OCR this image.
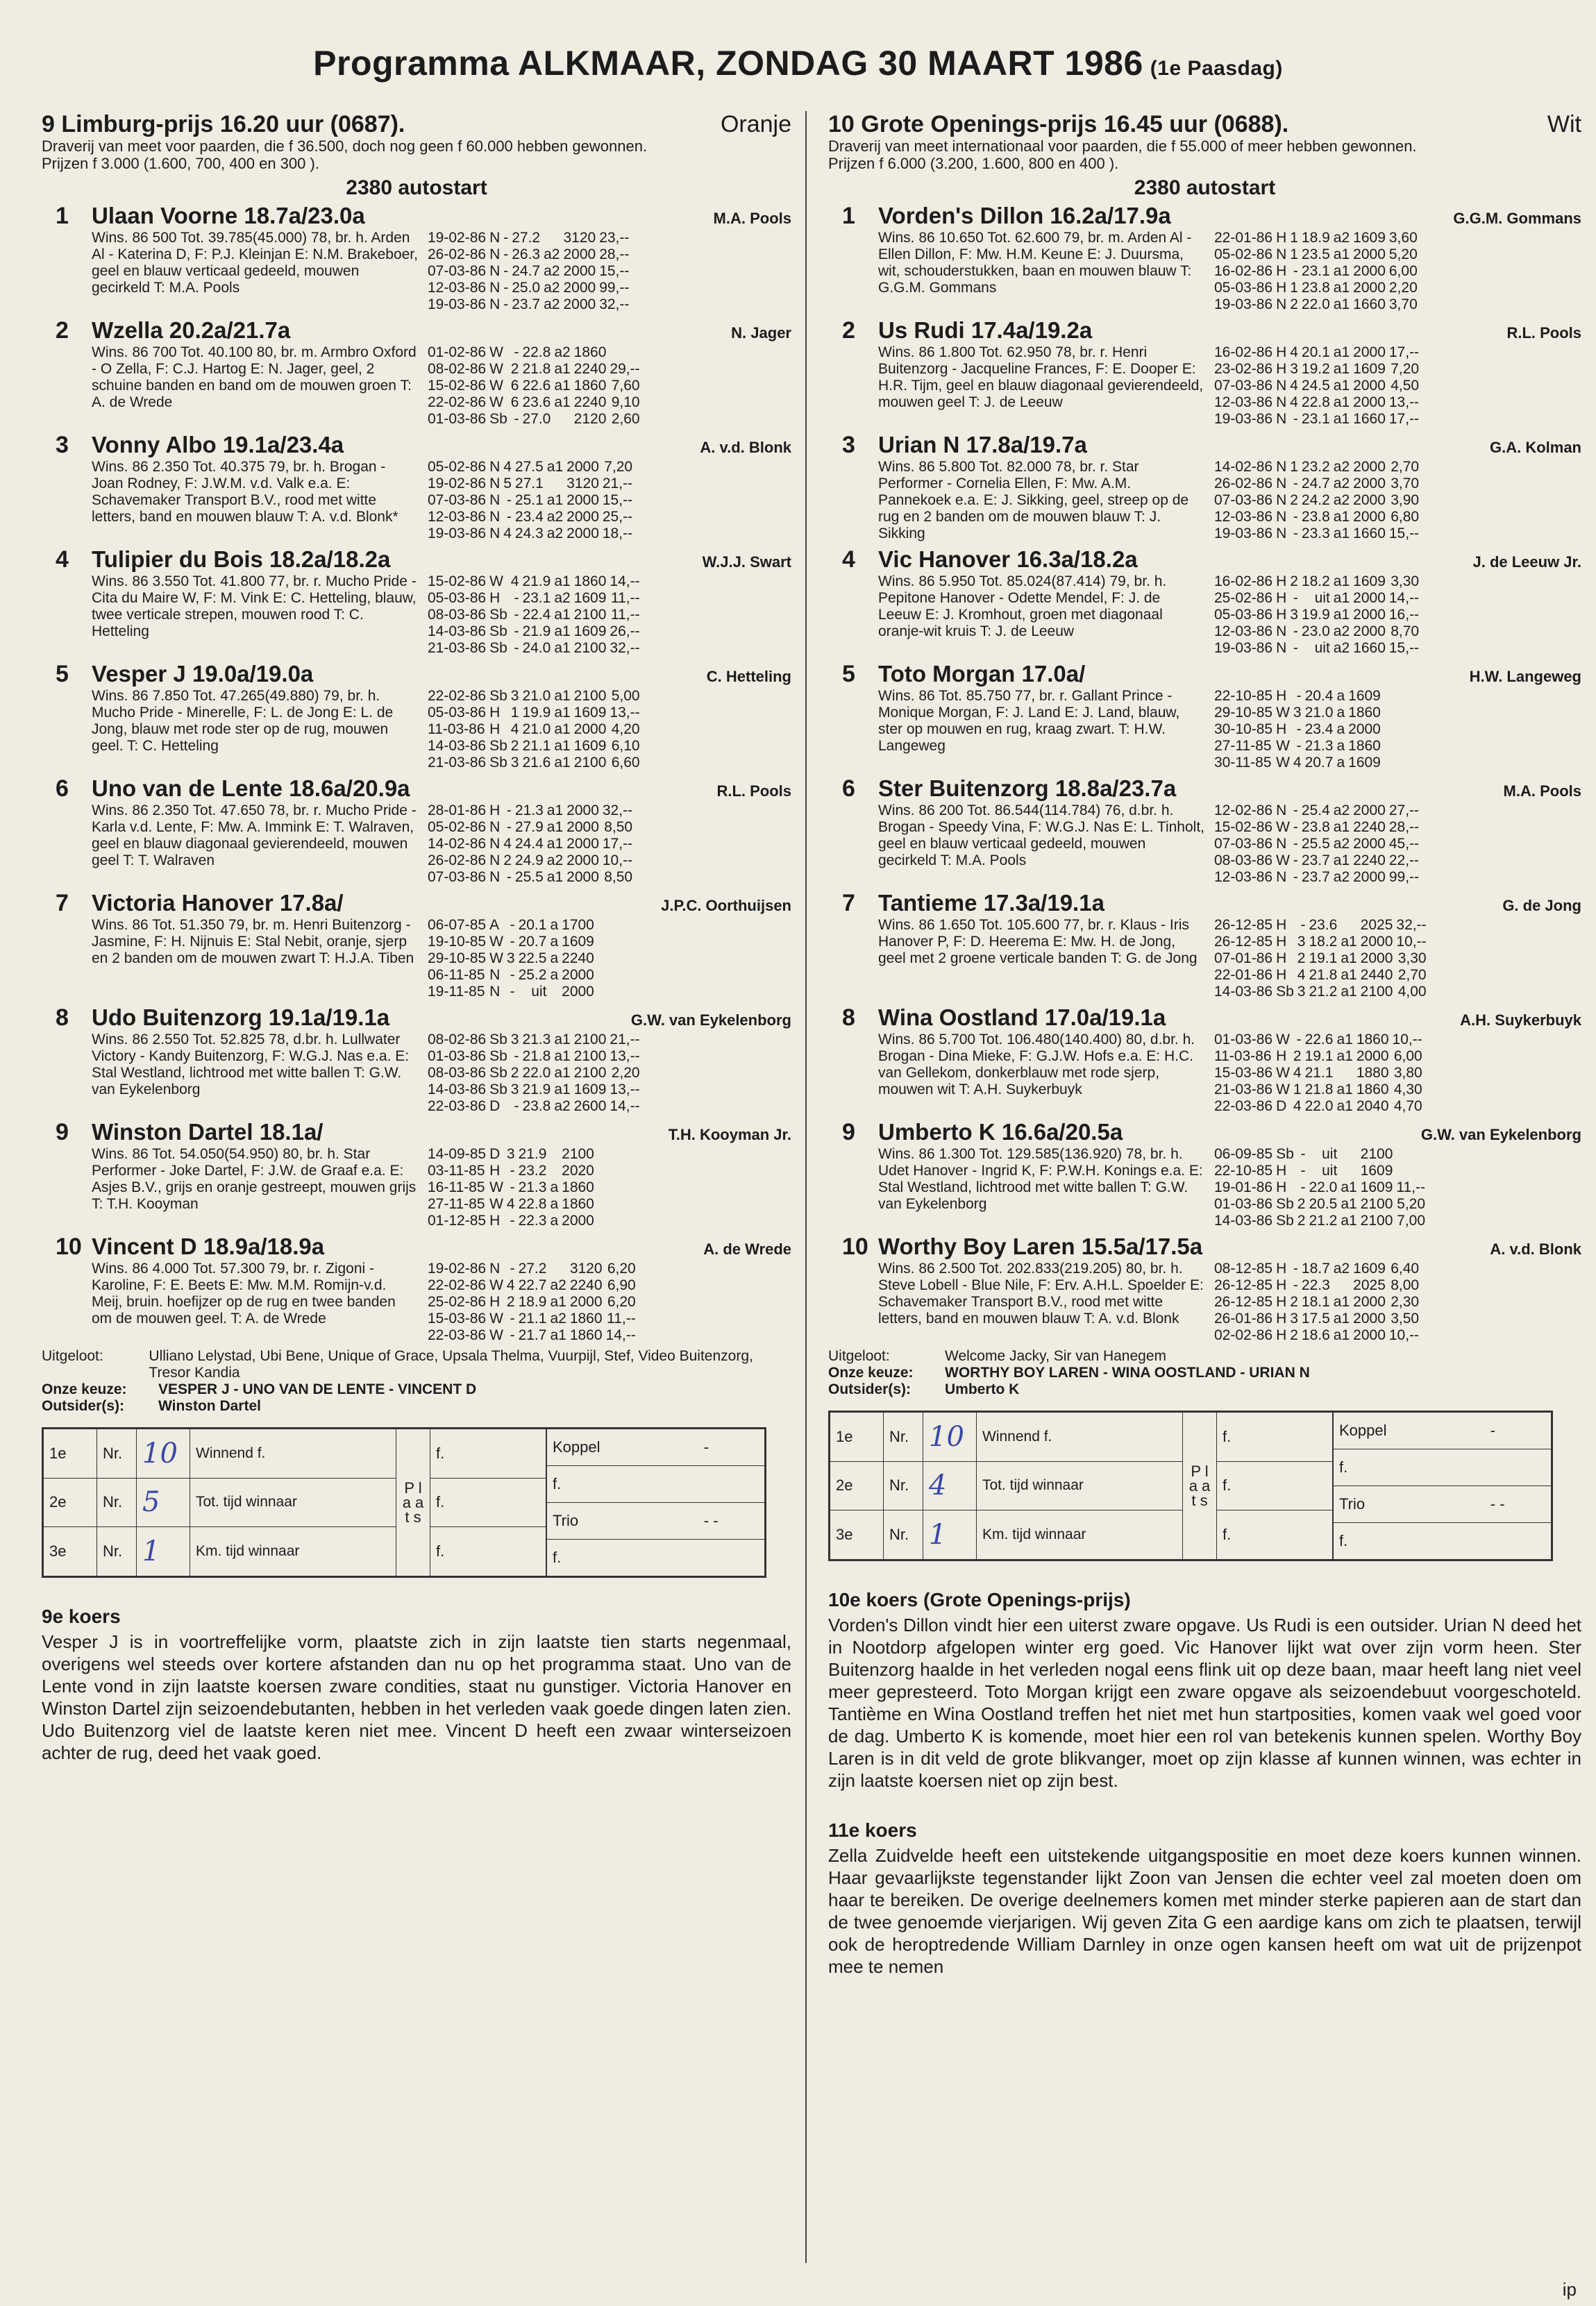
Programma ALKMAAR, ZONDAG 30 MAART 1986 (1e Paasdag)
9 Limburg-prijs 16.20 uur (0687).	Oranje
Draverij van meet voor paarden, die f 36.500, doch nog geen f 60.000 hebben gewonnen.
Prijzen f 3.000 (1.600, 700, 400 en 300 ).
2380 autostart
1	Ulaan Voorne 18.7a/23.0a	M.A. Pools
Wins. 86 500 Tot. 39.785(45.000) 78, br. h. Arden Al - Katerina D, F: P.J. Kleinjan E: N.M. Brakeboer, geel en blauw verticaal gedeeld, mouwen gecirkeld T: M.A. Pools
19-02-86	N	-	27.2		3120	23,--
26-02-86	N	-	26.3	a2	2000	28,--
07-03-86	N	-	24.7	a2	2000	15,--
12-03-86	N	-	25.0	a2	2000	99,--
19-03-86	N	-	23.7	a2	2000	32,--
2	Wzella 20.2a/21.7a	N. Jager
Wins. 86 700 Tot. 40.100 80, br. m. Armbro Oxford - O Zella, F: C.J. Hartog E: N. Jager, geel, 2 schuine banden en band om de mouwen groen T: A. de Wrede
01-02-86	W	-	22.8	a2	1860	
08-02-86	W	2	21.8	a1	2240	29,--
15-02-86	W	6	22.6	a1	1860	7,60
22-02-86	W	6	23.6	a1	2240	9,10
01-03-86	Sb	-	27.0		2120	2,60
3	Vonny Albo 19.1a/23.4a	A. v.d. Blonk
Wins. 86 2.350 Tot. 40.375 79, br. h. Brogan - Joan Rodney, F: J.W.M. v.d. Valk e.a. E: Schavemaker Transport B.V., rood met witte letters, band en mouwen blauw T: A. v.d. Blonk*
05-02-86	N	4	27.5	a1	2000	7,20
19-02-86	N	5	27.1		3120	21,--
07-03-86	N	-	25.1	a1	2000	15,--
12-03-86	N	-	23.4	a2	2000	25,--
19-03-86	N	4	24.3	a2	2000	18,--
4	Tulipier du Bois 18.2a/18.2a	W.J.J. Swart
Wins. 86 3.550 Tot. 41.800 77, br. r. Mucho Pride - Cita du Maire W, F: M. Vink E: C. Hetteling, blauw, twee verticale strepen, mouwen rood T: C. Hetteling
15-02-86	W	4	21.9	a1	1860	14,--
05-03-86	H	-	23.1	a2	1609	11,--
08-03-86	Sb	-	22.4	a1	2100	11,--
14-03-86	Sb	-	21.9	a1	1609	26,--
21-03-86	Sb	-	24.0	a1	2100	32,--
5	Vesper J 19.0a/19.0a	C. Hetteling
Wins. 86 7.850 Tot. 47.265(49.880) 79, br. h. Mucho Pride - Minerelle, F: L. de Jong E: L. de Jong, blauw met rode ster op de rug, mouwen geel. T: C. Hetteling
22-02-86	Sb	3	21.0	a1	2100	5,00
05-03-86	H	1	19.9	a1	1609	13,--
11-03-86	H	4	21.0	a1	2000	4,20
14-03-86	Sb	2	21.1	a1	1609	6,10
21-03-86	Sb	3	21.6	a1	2100	6,60
6	Uno van de Lente 18.6a/20.9a	R.L. Pools
Wins. 86 2.350 Tot. 47.650 78, br. r. Mucho Pride - Karla v.d. Lente, F: Mw. A. Immink E: T. Walraven, geel en blauw diagonaal gevierendeeld, mouwen geel T: T. Walraven
28-01-86	H	-	21.3	a1	2000	32,--
05-02-86	N	-	27.9	a1	2000	8,50
14-02-86	N	4	24.4	a1	2000	17,--
26-02-86	N	2	24.9	a2	2000	10,--
07-03-86	N	-	25.5	a1	2000	8,50
7	Victoria Hanover 17.8a/	J.P.C. Oorthuijsen
Wins. 86 Tot. 51.350 79, br. m. Henri Buitenzorg - Jasmine, F: H. Nijnuis E: Stal Nebit, oranje, sjerp en 2 banden om de mouwen zwart T: H.J.A. Tiben
06-07-85	A	-	20.1	a	1700	
19-10-85	W	-	20.7	a	1609	
29-10-85	W	3	22.5	a	2240	
06-11-85	N	-	25.2	a	2000	
19-11-85	N	-	uit		2000	
8	Udo Buitenzorg 19.1a/19.1a	G.W. van Eykelenborg
Wins. 86 2.550 Tot. 52.825 78, d.br. h. Lullwater Victory - Kandy Buitenzorg, F: W.G.J. Nas e.a. E: Stal Westland, lichtrood met witte ballen T: G.W. van Eykelenborg
08-02-86	Sb	3	21.3	a1	2100	21,--
01-03-86	Sb	-	21.8	a1	2100	13,--
08-03-86	Sb	2	22.0	a1	2100	2,20
14-03-86	Sb	3	21.9	a1	1609	13,--
22-03-86	D	-	23.8	a2	2600	14,--
9	Winston Dartel 18.1a/	T.H. Kooyman Jr.
Wins. 86 Tot. 54.050(54.950) 80, br. h. Star Performer - Joke Dartel, F: J.W. de Graaf e.a. E: Asjes B.V., grijs en oranje gestreept, mouwen grijs T: T.H. Kooyman
14-09-85	D	3	21.9		2100	
03-11-85	H	-	23.2		2020	
16-11-85	W	-	21.3	a	1860	
27-11-85	W	4	22.8	a	1860	
01-12-85	H	-	22.3	a	2000	
10 Vincent D 18.9a/18.9a	A. de Wrede
Wins. 86 4.000 Tot. 57.300 79, br. r. Zigoni - Karoline, F: E. Beets E: Mw. M.M. Romijn-v.d. Meij, bruin. hoefijzer op de rug en twee banden om de mouwen geel. T: A. de Wrede
19-02-86	N	-	27.2		3120	6,20
22-02-86	W	4	22.7	a2	2240	6,90
25-02-86	H	2	18.9	a1	2000	6,20
15-03-86	W	-	21.1	a2	1860	11,--
22-03-86	W	-	21.7	a1	1860	14,--
Uitgeloot:	Ulliano Lelystad, Ubi Bene, Unique of Grace, Upsala Thelma, Vuurpijl, Stef, Video Buitenzorg, Tresor Kandia
Onze keuze:	VESPER J - UNO VAN DE LENTE - VINCENT D
Outsider(s):	Winston Dartel
1e	Nr.	10	Winnend f.	P l a a t s	f.
2e	Nr.	5	Tot. tijd winnaar		f.
3e	Nr.	1	Km. tijd winnaar		f.
Koppel	-
f.	
Trio	- -
f.	
9e koers

Vesper J is in voortreffelijke vorm, plaatste zich in zijn laatste tien starts negenmaal, overigens wel steeds over kortere afstanden dan nu op het programma staat. Uno van de Lente vond in zijn laatste koersen zware condities, staat nu gunstiger. Victoria Hanover en Winston Dartel zijn seizoendebutanten, hebben in het verleden vaak goede dingen laten zien. Udo Buitenzorg viel de laatste keren niet mee. Vincent D heeft een zwaar winterseizoen achter de rug, deed het vaak goed.

10 Grote Openings-prijs 16.45 uur (0688).	Wit
Draverij van meet internationaal voor paarden, die f 55.000 of meer hebben gewonnen.
Prijzen f 6.000 (3.200, 1.600, 800 en 400 ).
2380 autostart
1	Vorden's Dillon 16.2a/17.9a	G.G.M. Gommans
Wins. 86 10.650 Tot. 62.600 79, br. m. Arden Al - Ellen Dillon, F: Mw. H.M. Keune E: J. Duursma, wit, schouderstukken, baan en mouwen blauw T: G.G.M. Gommans
22-01-86	H	1	18.9	a2	1609	3,60
05-02-86	N	1	23.5	a1	2000	5,20
16-02-86	H	-	23.1	a1	2000	6,00
05-03-86	H	1	23.8	a1	2000	2,20
19-03-86	N	2	22.0	a1	1660	3,70
2	Us Rudi 17.4a/19.2a	R.L. Pools
Wins. 86 1.800 Tot. 62.950 78, br. r. Henri Buitenzorg - Jacqueline Frances, F: E. Dooper E: H.R. Tijm, geel en blauw diagonaal gevierendeeld, mouwen geel T: J. de Leeuw
16-02-86	H	4	20.1	a1	2000	17,--
23-02-86	H	3	19.2	a1	1609	7,20
07-03-86	N	4	24.5	a1	2000	4,50
12-03-86	N	4	22.8	a1	2000	13,--
19-03-86	N	-	23.1	a1	1660	17,--
3	Urian N 17.8a/19.7a	G.A. Kolman
Wins. 86 5.800 Tot. 82.000 78, br. r. Star Performer - Cornelia Ellen, F: Mw. A.M. Pannekoek e.a. E: J. Sikking, geel, streep op de rug en 2 banden om de mouwen blauw T: J. Sikking
14-02-86	N	1	23.2	a2	2000	2,70
26-02-86	N	-	24.7	a2	2000	3,70
07-03-86	N	2	24.2	a2	2000	3,90
12-03-86	N	-	23.8	a1	2000	6,80
19-03-86	N	-	23.3	a1	1660	15,--
4	Vic Hanover 16.3a/18.2a	J. de Leeuw Jr.
Wins. 86 5.950 Tot. 85.024(87.414) 79, br. h. Pepitone Hanover - Odette Mendel, F: J. de Leeuw E: J. Kromhout, groen met diagonaal oranje-wit kruis T: J. de Leeuw
16-02-86	H	2	18.2	a1	1609	3,30
25-02-86	H	-	uit	a1	2000	14,--
05-03-86	H	3	19.9	a1	2000	16,--
12-03-86	N	-	23.0	a2	2000	8,70
19-03-86	N	-	uit	a2	1660	15,--
5	Toto Morgan 17.0a/	H.W. Langeweg
Wins. 86 Tot. 85.750 77, br. r. Gallant Prince - Monique Morgan, F: J. Land E: J. Land, blauw, ster op mouwen en rug, kraag zwart. T: H.W. Langeweg
22-10-85	H	-	20.4	a	1609	
29-10-85	W	3	21.0	a	1860	
30-10-85	H	-	23.4	a	2000	
27-11-85	W	-	21.3	a	1860	
30-11-85	W	4	20.7	a	1609	
6	Ster Buitenzorg 18.8a/23.7a	M.A. Pools
Wins. 86 200 Tot. 86.544(114.784) 76, d.br. h. Brogan - Speedy Vina, F: W.G.J. Nas E: L. Tinholt, geel en blauw verticaal gedeeld, mouwen gecirkeld T: M.A. Pools
12-02-86	N	-	25.4	a2	2000	27,--
15-02-86	W	-	23.8	a1	2240	28,--
07-03-86	N	-	25.5	a2	2000	45,--
08-03-86	W	-	23.7	a1	2240	22,--
12-03-86	N	-	23.7	a2	2000	99,--
7	Tantieme 17.3a/19.1a	G. de Jong
Wins. 86 1.650 Tot. 105.600 77, br. r. Klaus - Iris Hanover P, F: D. Heerema E: Mw. H. de Jong, geel met 2 groene verticale banden T: G. de Jong
26-12-85	H	-	23.6		2025	32,--
26-12-85	H	3	18.2	a1	2000	10,--
07-01-86	H	2	19.1	a1	2000	3,30
22-01-86	H	4	21.8	a1	2440	2,70
14-03-86	Sb	3	21.2	a1	2100	4,00
8	Wina Oostland 17.0a/19.1a	A.H. Suykerbuyk
Wins. 86 5.700 Tot. 106.480(140.400) 80, d.br. h. Brogan - Dina Mieke, F: G.J.W. Hofs e.a. E: H.C. van Gellekom, donkerblauw met rode sjerp, mouwen wit T: A.H. Suykerbuyk
01-03-86	W	-	22.6	a1	1860	10,--
11-03-86	H	2	19.1	a1	2000	6,00
15-03-86	W	4	21.1		1880	3,80
21-03-86	W	1	21.8	a1	1860	4,30
22-03-86	D	4	22.0	a1	2040	4,70
9	Umberto K 16.6a/20.5a	G.W. van Eykelenborg
Wins. 86 1.300 Tot. 129.585(136.920) 78, br. h. Udet Hanover - Ingrid K, F: P.W.H. Konings e.a. E: Stal Westland, lichtrood met witte ballen T: G.W. van Eykelenborg
06-09-85	Sb	-	uit		2100	
22-10-85	H	-	uit		1609	
19-01-86	H	-	22.0	a1	1609	11,--
01-03-86	Sb	2	20.5	a1	2100	5,20
14-03-86	Sb	2	21.2	a1	2100	7,00
10 Worthy Boy Laren 15.5a/17.5a	A. v.d. Blonk
Wins. 86 2.500 Tot. 202.833(219.205) 80, br. h. Steve Lobell - Blue Nile, F: Erv. A.H.L. Spoelder E: Schavemaker Transport B.V., rood met witte letters, band en mouwen blauw T: A. v.d. Blonk
08-12-85	H	-	18.7	a2	1609	6,40
26-12-85	H	-	22.3		2025	8,00
26-12-85	H	2	18.1	a1	2000	2,30
26-01-86	H	3	17.5	a1	2000	3,50
02-02-86	H	2	18.6	a1	2000	10,--
Uitgeloot:	Welcome Jacky, Sir van Hanegem
Onze keuze:	WORTHY BOY LAREN - WINA OOSTLAND - URIAN N
Outsider(s):	Umberto K
1e	Nr.	10	Winnend f.	P l a a t s	f.
2e	Nr.	4	Tot. tijd winnaar		f.
3e	Nr.	1	Km. tijd winnaar		f.
Koppel	-
f.	
Trio	- -
f.	
10e koers (Grote Openings-prijs)

Vorden's Dillon vindt hier een uiterst zware opgave. Us Rudi is een outsider. Urian N deed het in Nootdorp afgelopen winter erg goed. Vic Hanover lijkt wat over zijn vorm heen. Ster Buitenzorg haalde in het verleden nogal eens flink uit op deze baan, maar heeft lang niet veel meer gepresteerd. Toto Morgan krijgt een zware opgave als seizoendebuut voorgeschoteld. Tantième en Wina Oostland treffen het niet met hun startposities, komen vaak wel goed voor de dag. Umberto K is komende, moet hier een rol van betekenis kunnen spelen. Worthy Boy Laren is in dit veld de grote blikvanger, moet op zijn klasse af kunnen winnen, was echter in zijn laatste koersen niet op zijn best.

11e koers

Zella Zuidvelde heeft een uitstekende uitgangspositie en moet deze koers kunnen winnen. Haar gevaarlijkste tegenstander lijkt Zoon van Jensen die echter veel zal moeten doen om haar te bereiken. De overige deelnemers komen met minder sterke papieren aan de start dan de twee genoemde vierjarigen. Wij geven Zita G een aardige kans om zich te plaatsen, terwijl ook de heroptredende William Darnley in onze ogen kansen heeft om wat uit de prijzenpot mee te nemen

ip
